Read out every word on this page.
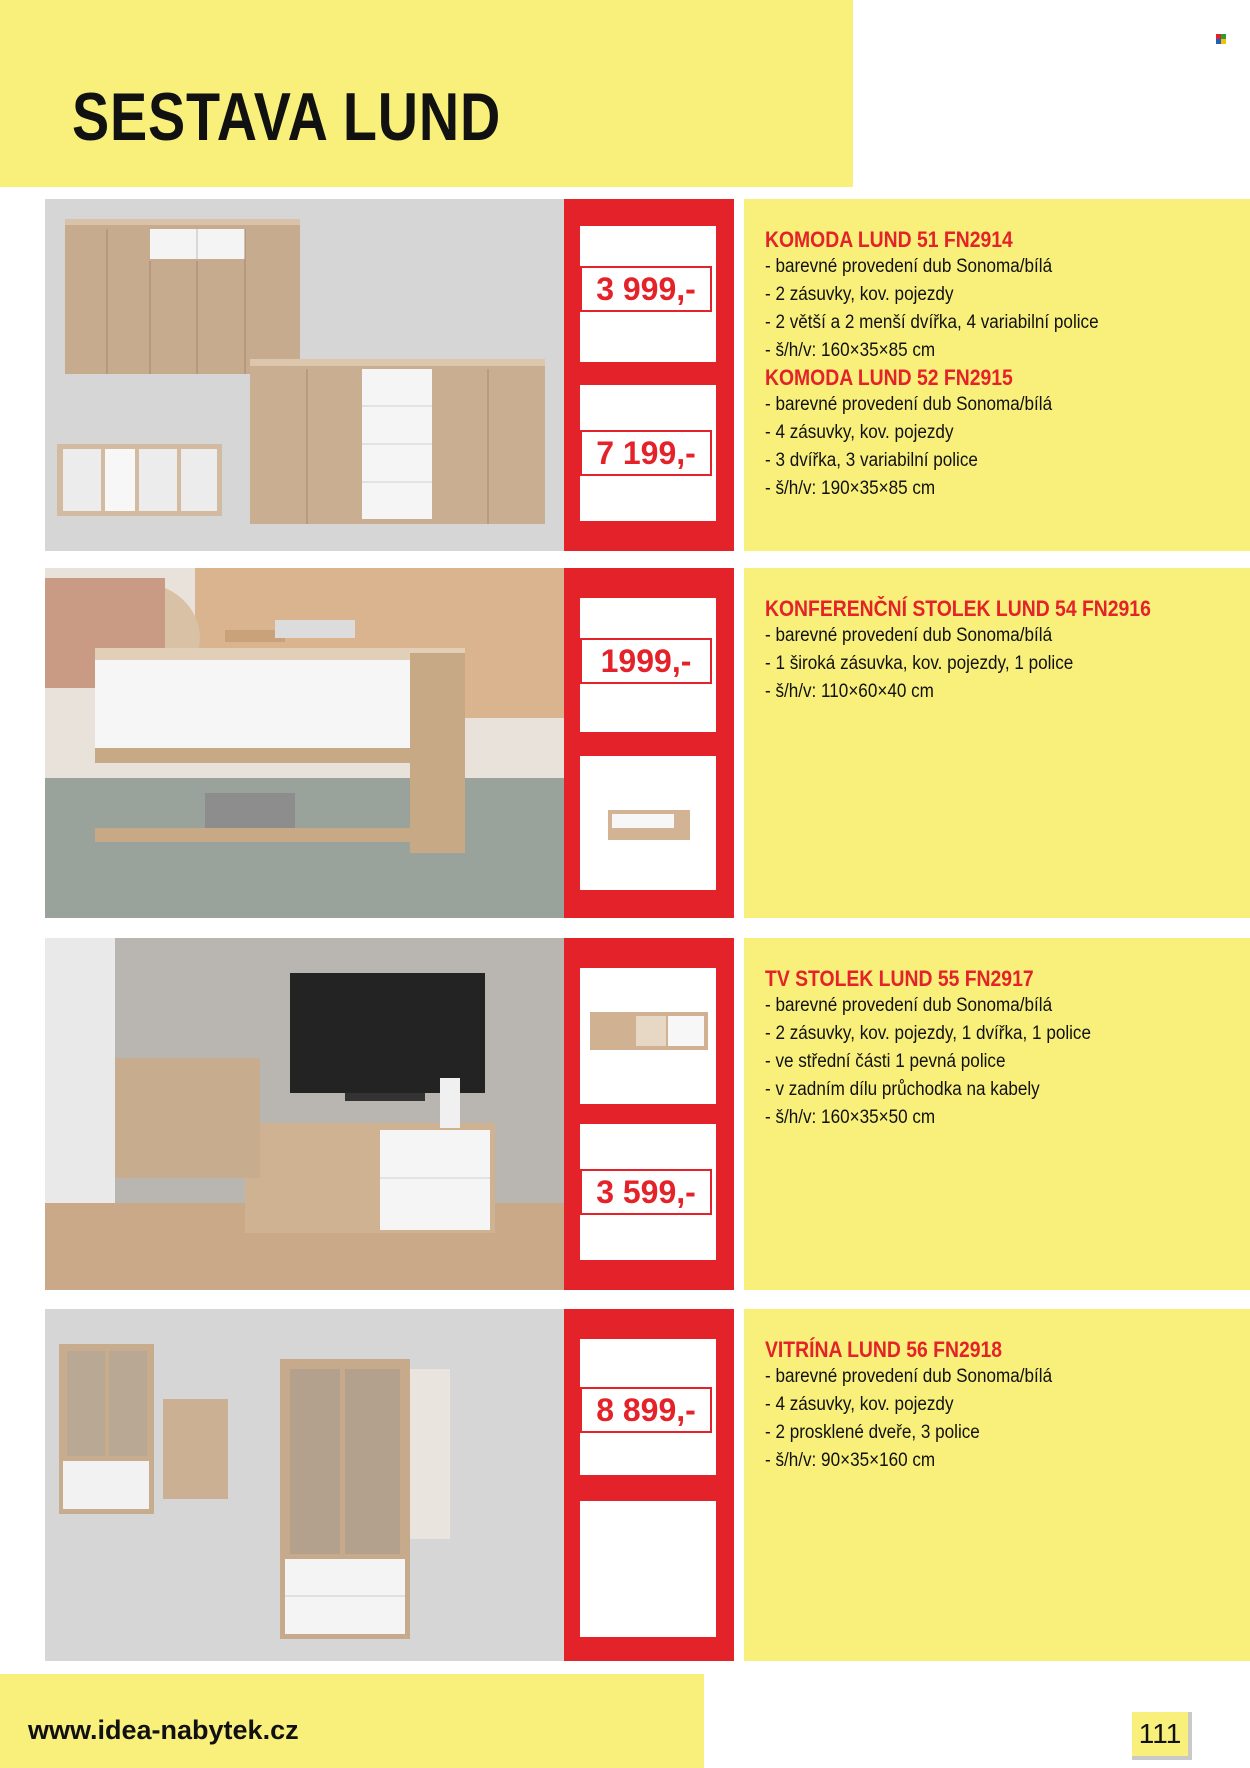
SESTAVA LUND
3 999,-
7 199,-
KOMODA LUND 51 FN2914
- barevné provedení dub Sonoma/bílá
- 2 zásuvky, kov. pojezdy
- 2 větší a 2 menší dvířka, 4 variabilní police
- š/h/v: 160×35×85 cm
KOMODA LUND 52 FN2915
- barevné provedení dub Sonoma/bílá
- 4 zásuvky, kov. pojezdy
- 3 dvířka, 3 variabilní police
- š/h/v: 190×35×85 cm
1999,-
KONFERENČNÍ STOLEK LUND 54 FN2916
- barevné provedení dub Sonoma/bílá
- 1 široká zásuvka, kov. pojezdy, 1 police
- š/h/v: 110×60×40 cm
3 599,-
TV STOLEK LUND 55 FN2917
- barevné provedení dub Sonoma/bílá
- 2 zásuvky, kov. pojezdy, 1 dvířka, 1 police
- ve střední části 1 pevná police
- v zadním dílu průchodka na kabely
- š/h/v: 160×35×50 cm
8 899,-
VITRÍNA LUND 56 FN2918
- barevné provedení dub Sonoma/bílá
- 4 zásuvky, kov. pojezdy
- 2 prosklené dveře, 3 police
- š/h/v: 90×35×160 cm
www.idea-nabytek.cz	111
